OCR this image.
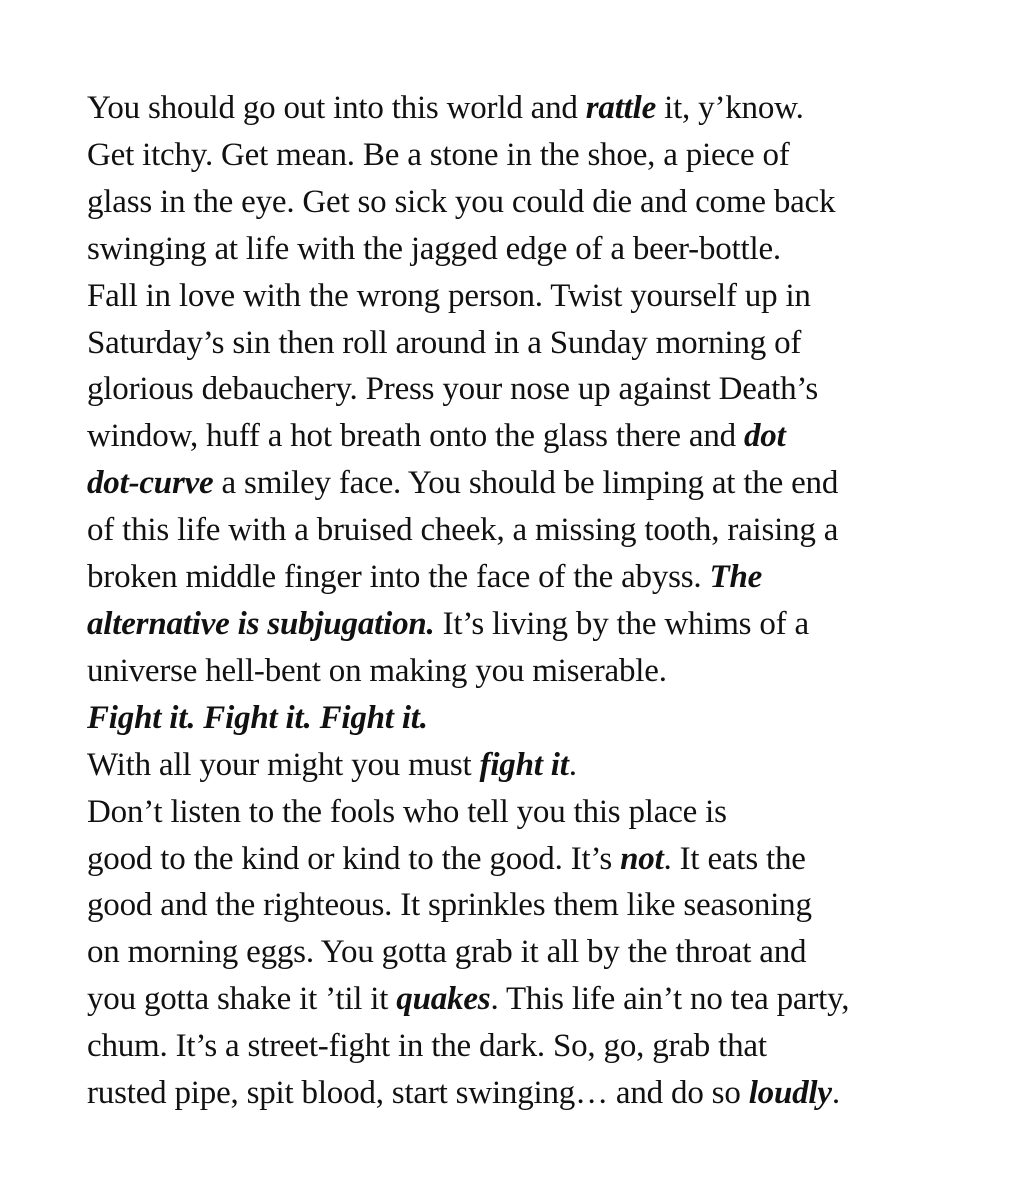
You should go out into this world and rattle it, y’know.
Get itchy. Get mean. Be a stone in the shoe, a piece of
glass in the eye. Get so sick you could die and come back
swinging at life with the jagged edge of a beer-bottle.
Fall in love with the wrong person. Twist yourself up in
Saturday’s sin then roll around in a Sunday morning of
glorious debauchery. Press your nose up against Death’s
window, huff a hot breath onto the glass there and dot
dot-curve a smiley face. You should be limping at the end
of this life with a bruised cheek, a missing tooth, raising a
broken middle finger into the face of the abyss. The
alternative is subjugation. It’s living by the whims of a
universe hell-bent on making you miserable.
Fight it. Fight it. Fight it.
With all your might you must fight it.
Don’t listen to the fools who tell you this place is
good to the kind or kind to the good. It’s not. It eats the
good and the righteous. It sprinkles them like seasoning
on morning eggs. You gotta grab it all by the throat and
you gotta shake it ’til it quakes. This life ain’t no tea party,
chum. It’s a street-fight in the dark. So, go, grab that
rusted pipe, spit blood, start swinging… and do so loudly.
